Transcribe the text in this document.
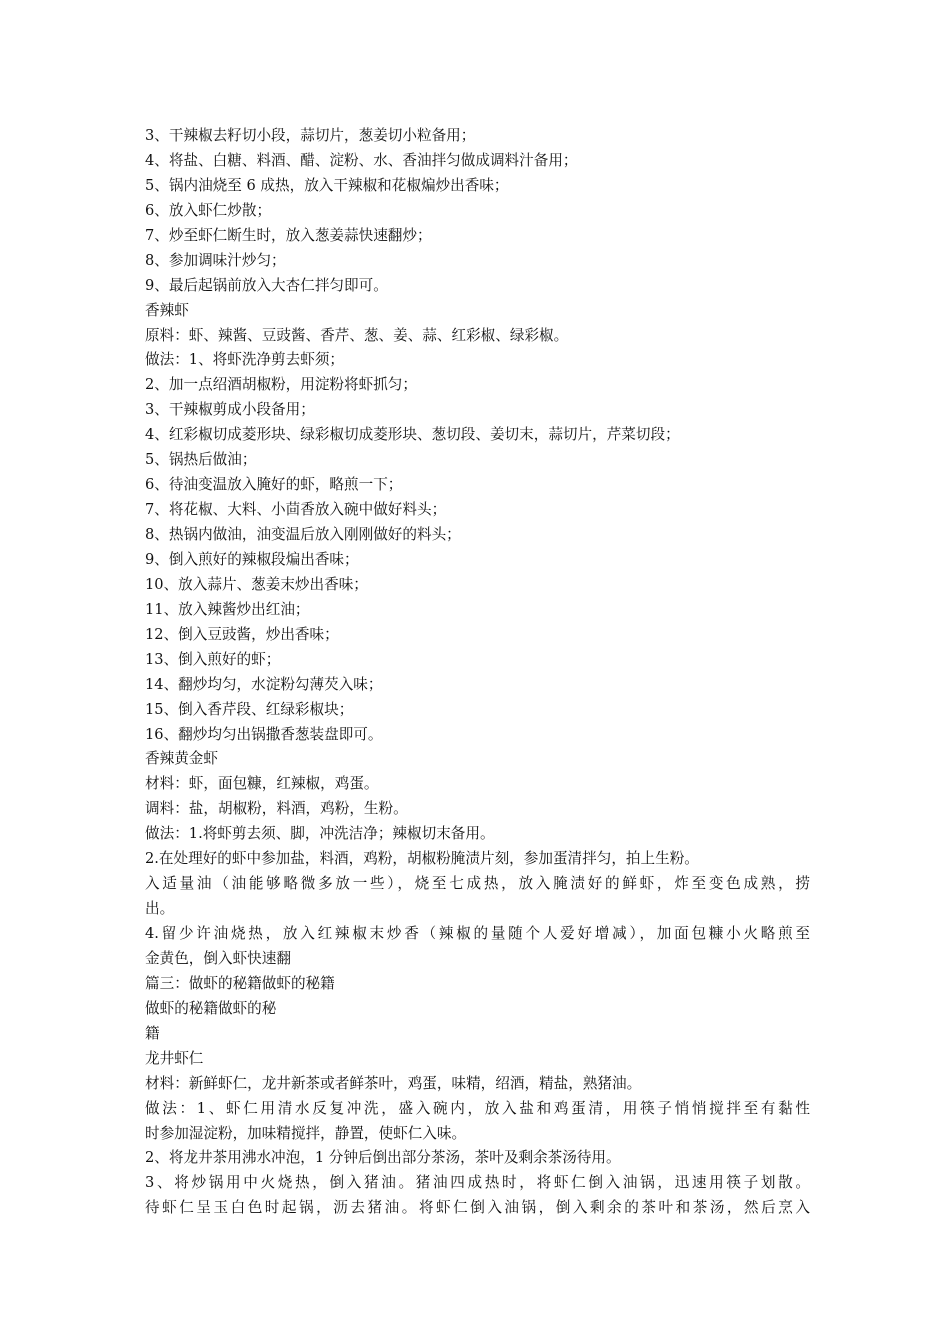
3、干辣椒去籽切小段，蒜切片，葱姜切小粒备用；
4、将盐、白糖、料酒、醋、淀粉、水、香油拌匀做成调料汁备用；
5、锅内油烧至 6 成热，放入干辣椒和花椒煸炒出香味；
6、放入虾仁炒散；
7、炒至虾仁断生时，放入葱姜蒜快速翻炒；
8、参加调味汁炒匀；
9、最后起锅前放入大杏仁拌匀即可。
香辣虾
原料：虾、辣酱、豆豉酱、香芹、葱、姜、蒜、红彩椒、绿彩椒。
做法：1、将虾洗净剪去虾须；
2、加一点绍酒胡椒粉，用淀粉将虾抓匀；
3、干辣椒剪成小段备用；
4、红彩椒切成菱形块、绿彩椒切成菱形块、葱切段、姜切末，蒜切片，芹菜切段；
5、锅热后做油；
6、待油变温放入腌好的虾，略煎一下；
7、将花椒、大料、小茴香放入碗中做好料头；
8、热锅内做油，油变温后放入刚刚做好的料头；
9、倒入煎好的辣椒段煸出香味；
10、放入蒜片、葱姜末炒出香味；
11、放入辣酱炒出红油；
12、倒入豆豉酱，炒出香味；
13、倒入煎好的虾；
14、翻炒均匀，水淀粉勾薄芡入味；
15、倒入香芹段、红绿彩椒块；
16、翻炒均匀出锅撒香葱装盘即可。
香辣黄金虾
材料：虾，面包糠，红辣椒，鸡蛋。
调料：盐，胡椒粉，料酒，鸡粉，生粉。
做法：1.将虾剪去须、脚，冲洗洁净；辣椒切末备用。
2.在处理好的虾中参加盐，料酒，鸡粉，胡椒粉腌渍片刻，参加蛋清拌匀，拍上生粉。
入适量油（油能够略微多放一些），烧至七成热，放入腌渍好的鲜虾，炸至变色成熟，捞
出。
4.留少许油烧热，放入红辣椒末炒香（辣椒的量随个人爱好增减），加面包糠小火略煎至
金黄色，倒入虾快速翻
篇三：做虾的秘籍做虾的秘籍
做虾的秘籍做虾的秘
籍
龙井虾仁
材料：新鲜虾仁，龙井新茶或者鲜茶叶，鸡蛋，味精，绍酒，精盐，熟猪油。
做法：1、虾仁用清水反复冲洗，盛入碗内，放入盐和鸡蛋清，用筷子悄悄搅拌至有黏性
时参加湿淀粉，加味精搅拌，静置，使虾仁入味。
2、将龙井茶用沸水冲泡，1 分钟后倒出部分茶汤，茶叶及剩余茶汤待用。
3、将炒锅用中火烧热，倒入猪油。猪油四成热时，将虾仁倒入油锅，迅速用筷子划散。
待虾仁呈玉白色时起锅，沥去猪油。将虾仁倒入油锅，倒入剩余的茶叶和茶汤，然后烹入
